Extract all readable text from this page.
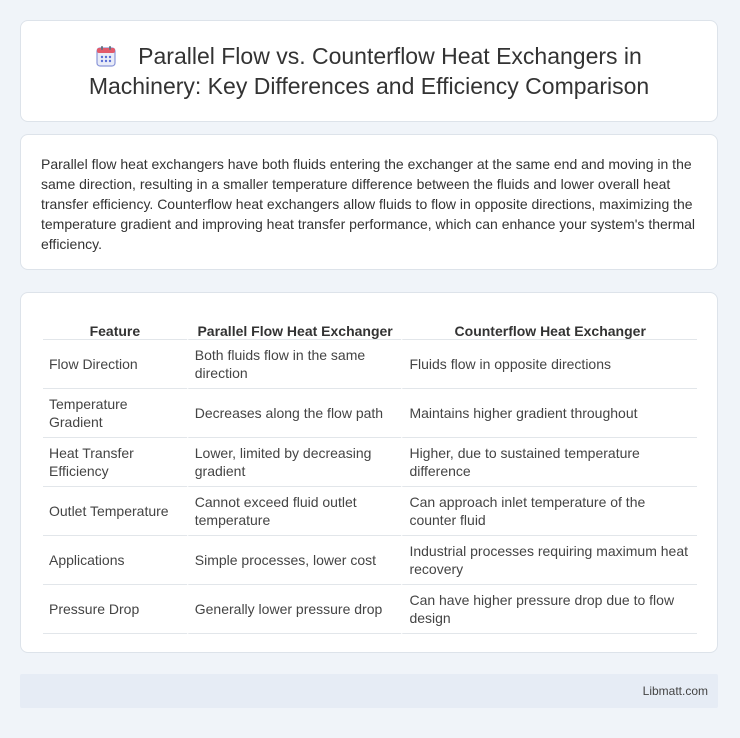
Parallel Flow vs. Counterflow Heat Exchangers in Machinery: Key Differences and Efficiency Comparison

Parallel flow heat exchangers have both fluids entering the exchanger at the same end and moving in the same direction, resulting in a smaller temperature difference between the fluids and lower overall heat transfer efficiency. Counterflow heat exchangers allow fluids to flow in opposite directions, maximizing the temperature gradient and improving heat transfer performance, which can enhance your system's thermal efficiency.

Feature	Parallel Flow Heat Exchanger	Counterflow Heat Exchanger
Flow Direction	Both fluids flow in the same direction	Fluids flow in opposite directions
Temperature Gradient	Decreases along the flow path	Maintains higher gradient throughout
Heat Transfer Efficiency	Lower, limited by decreasing gradient	Higher, due to sustained temperature difference
Outlet Temperature	Cannot exceed fluid outlet temperature	Can approach inlet temperature of the counter fluid
Applications	Simple processes, lower cost	Industrial processes requiring maximum heat recovery
Pressure Drop	Generally lower pressure drop	Can have higher pressure drop due to flow design
Libmatt.com
